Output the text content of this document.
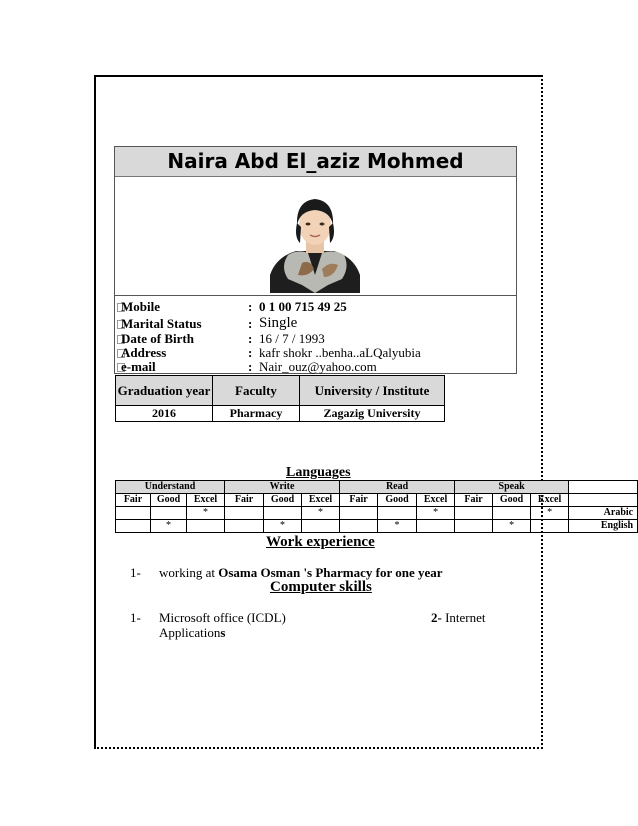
Naira Abd El_aziz Mohmed
Mobile	: 0 1 00 715 49 25
Marital Status	: Single
Date of Birth	: 16 / 7 / 1993
Address	: kafr shokr ..benha..aLQalyubia
e-mail	: Nair_ouz@yahoo.com
Graduation year	Faculty	University / Institute
2016	Pharmacy	Zagazig University
Languages
Understand			Write			Read			Speak			
Fair	Good	Excel	Fair	Good	Excel	Fair	Good	Excel	Fair	Good	Excel	
		*			*			*			*	Arabic
	*			*			*			*		English
Work experience
1- working at Osama Osman 's Pharmacy for one year
Computer skills
1- Microsoft office (ICDL)
Applications
2- Internet
